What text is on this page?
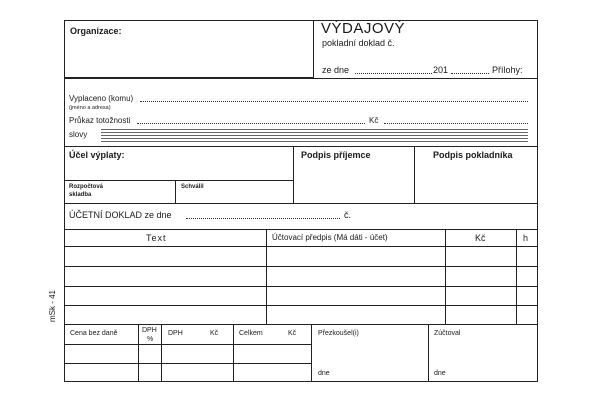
Organizace:	VÝDAJOVÝ
pokladní doklad č.
ze dne	201	Přílohy:
Vyplaceno (komu)
(jméno a adresa)
Průkaz totožnosti	Kč
slovy
Účel výplaty:	Podpis příjemce	Podpis pokladníka
Rozpočtová
skladba
Schválil
ÚČETNÍ DOKLAD ze dne	č.
Text	Účtovací předpis (Má dáti - účet)	Kč	h
Cena bez daně	DPH
%
DPH	Kč	Celkem	Kč	Přezkoušel(i)	Zúčtoval
dne	dne
mSk - 41
